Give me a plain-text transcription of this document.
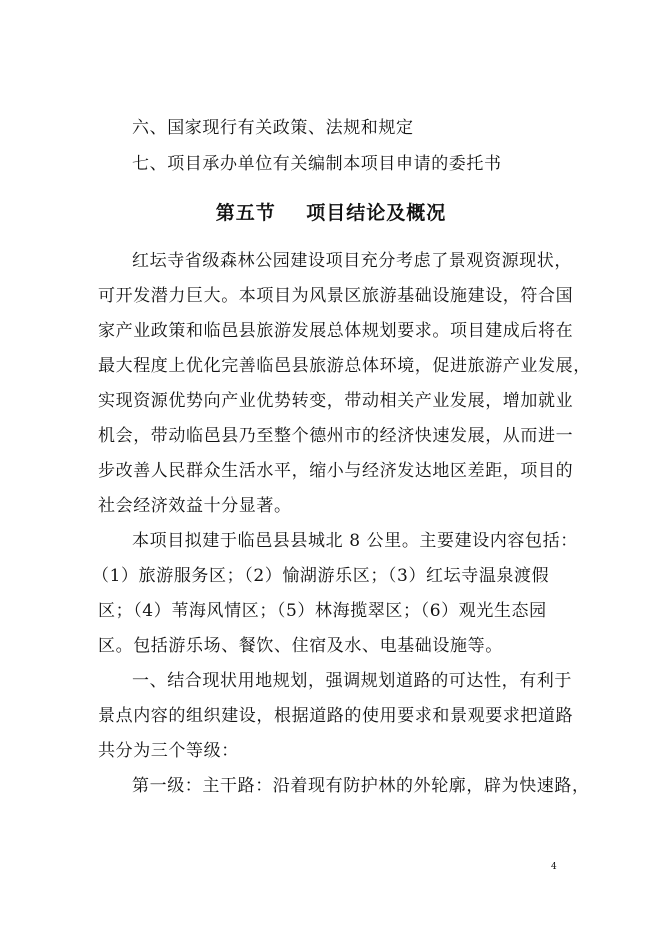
六、国家现行有关政策、法规和规定
七、项目承办单位有关编制本项目申请的委托书
第五节    项目结论及概况
红坛寺省级森林公园建设项目充分考虑了景观资源现状，
可开发潜力巨大。本项目为风景区旅游基础设施建设，符合国
家产业政策和临邑县旅游发展总体规划要求。项目建成后将在
最大程度上优化完善临邑县旅游总体环境，促进旅游产业发展，
实现资源优势向产业优势转变，带动相关产业发展，增加就业
机会，带动临邑县乃至整个德州市的经济快速发展，从而进一
步改善人民群众生活水平，缩小与经济发达地区差距，项目的
社会经济效益十分显著。
本项目拟建于临邑县县城北 8 公里。主要建设内容包括：
（1）旅游服务区；（2）愉湖游乐区；（3）红坛寺温泉渡假
区；（4）苇海风情区；（5）林海揽翠区；（6）观光生态园
区。包括游乐场、餐饮、住宿及水、电基础设施等。
一、结合现状用地规划，强调规划道路的可达性，有利于
景点内容的组织建设，根据道路的使用要求和景观要求把道路
共分为三个等级：
第一级：主干路：沿着现有防护林的外轮廓，辟为快速路，
4
